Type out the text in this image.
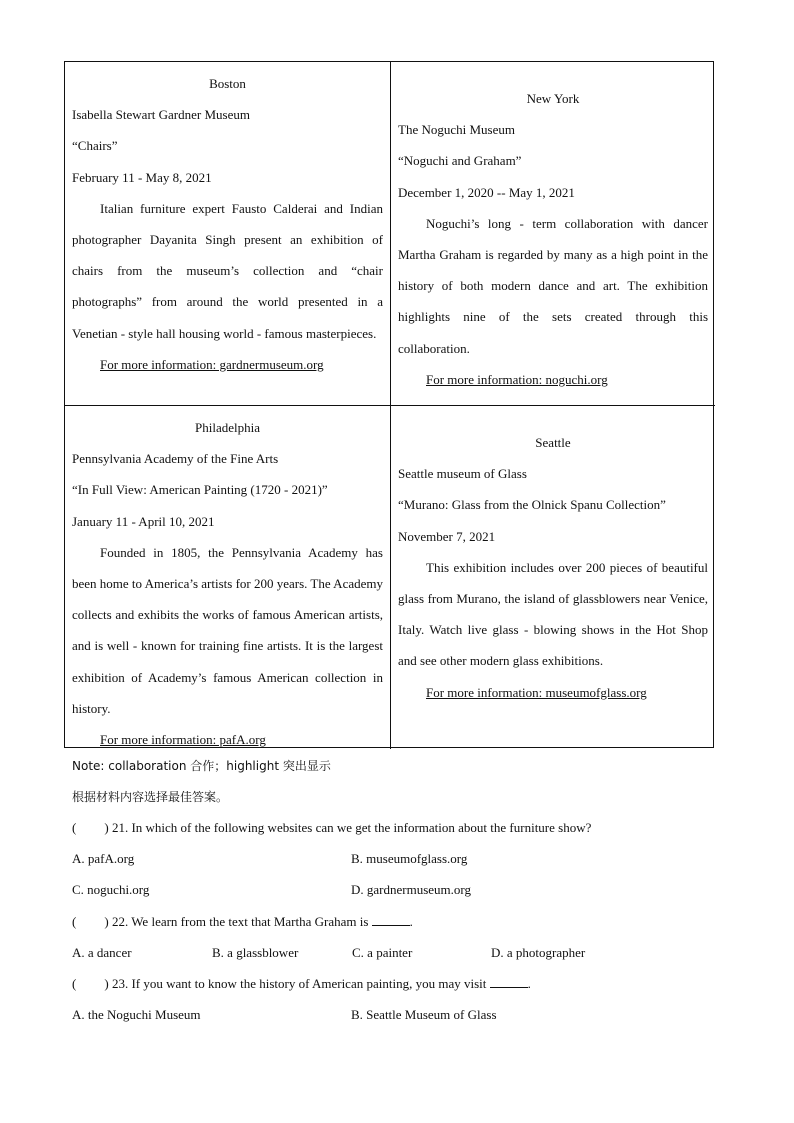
Boston
Isabella Stewart Gardner Museum
“Chairs”
February 11 - May 8, 2021

Italian furniture expert Fausto Calderai and Indian photographer Dayanita Singh present an exhibition of chairs from the museum’s collection and “chair photographs” from around the world presented in a Venetian - style hall housing world - famous masterpieces.

For more information: gardnermuseum.org
New York
The Noguchi Museum
“Noguchi and Graham”
December 1, 2020 -- May 1, 2021

Noguchi’s long - term collaboration with dancer Martha Graham is regarded by many as a high point in the history of both modern dance and art. The exhibition highlights nine of the sets created through this collaboration.

For more information: noguchi.org
Philadelphia
Pennsylvania Academy of the Fine Arts
“In Full View: American Painting (1720 - 2021)”
January 11 - April 10, 2021

Founded in 1805, the Pennsylvania Academy has been home to America’s artists for 200 years. The Academy collects and exhibits the works of famous American artists, and is well - known for training fine artists. It is the largest exhibition of Academy’s famous American collection in history.

For more information: pafA.org
Seattle
Seattle museum of Glass
“Murano: Glass from the Olnick Spanu Collection”
November 7, 2021

This exhibition includes over 200 pieces of beautiful glass from Murano, the island of glassblowers near Venice, Italy. Watch live glass - blowing shows in the Hot Shop and see other modern glass exhibitions.

For more information: museumofglass.org
Note: collaboration 合作；highlight 突出显示
根据材料内容选择最佳答案。
( ) 21. In which of the following websites can we get the information about the furniture show?
A. pafA.org	B. museumofglass.org
C. noguchi.org	D. gardnermuseum.org
( ) 22. We learn from the text that Martha Graham is	.
A. a dancer	B. a glassblower	C. a painter	D. a photographer
( ) 23. If you want to know the history of American painting, you may visit	.
A. the Noguchi Museum	B. Seattle Museum of Glass
